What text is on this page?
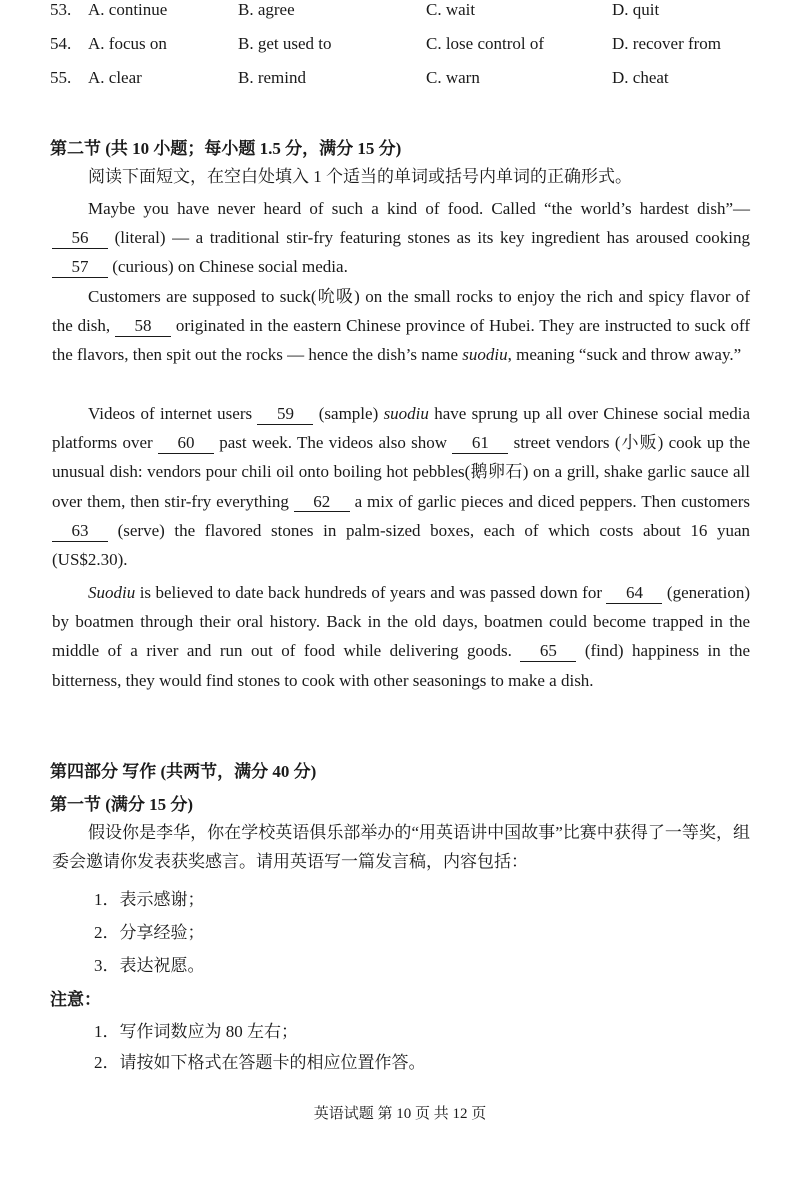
53. A. continue	B. agree	C. wait	D. quit
54. A. focus on	B. get used to	C. lose control of	D. recover from
55. A. clear	B. remind	C. warn	D. cheat
第二节 (共 10 小题；每小题 1.5 分，满分 15 分)

阅读下面短文，在空白处填入 1 个适当的单词或括号内单词的正确形式。

Maybe you have never heard of such a kind of food. Called “the world’s hardest dish”— 56 (literal) — a traditional stir-fry featuring stones as its key ingredient has aroused cooking 57 (curious) on Chinese social media.

Customers are supposed to suck(吮吸) on the small rocks to enjoy the rich and spicy flavor of the dish, 58 originated in the eastern Chinese province of Hubei. They are instructed to suck off the flavors, then spit out the rocks — hence the dish’s name suodiu, meaning “suck and throw away.”

Videos of internet users 59 (sample) suodiu have sprung up all over Chinese social media platforms over 60 past week. The videos also show 61 street vendors (小贩) cook up the unusual dish: vendors pour chili oil onto boiling hot pebbles(鹅卵石) on a grill, shake garlic sauce all over them, then stir-fry everything 62 a mix of garlic pieces and diced peppers. Then customers 63 (serve) the flavored stones in palm-sized boxes, each of which costs about 16 yuan (US$2.30).

Suodiu is believed to date back hundreds of years and was passed down for 64 (generation) by boatmen through their oral history. Back in the old days, boatmen could become trapped in the middle of a river and run out of food while delivering goods. 65 (find) happiness in the bitterness, they would find stones to cook with other seasonings to make a dish.

第四部分 写作 (共两节，满分 40 分)
第一节 (满分 15 分)

假设你是李华，你在学校英语俱乐部举办的“用英语讲中国故事”比赛中获得了一等奖，组委会邀请你发表获奖感言。请用英语写一篇发言稿，内容包括：

1．表示感谢；
2．分享经验；
3．表达祝愿。
注意：
1．写作词数应为 80 左右；
2．请按如下格式在答题卡的相应位置作答。
英语试题 第 10 页 共 12 页
